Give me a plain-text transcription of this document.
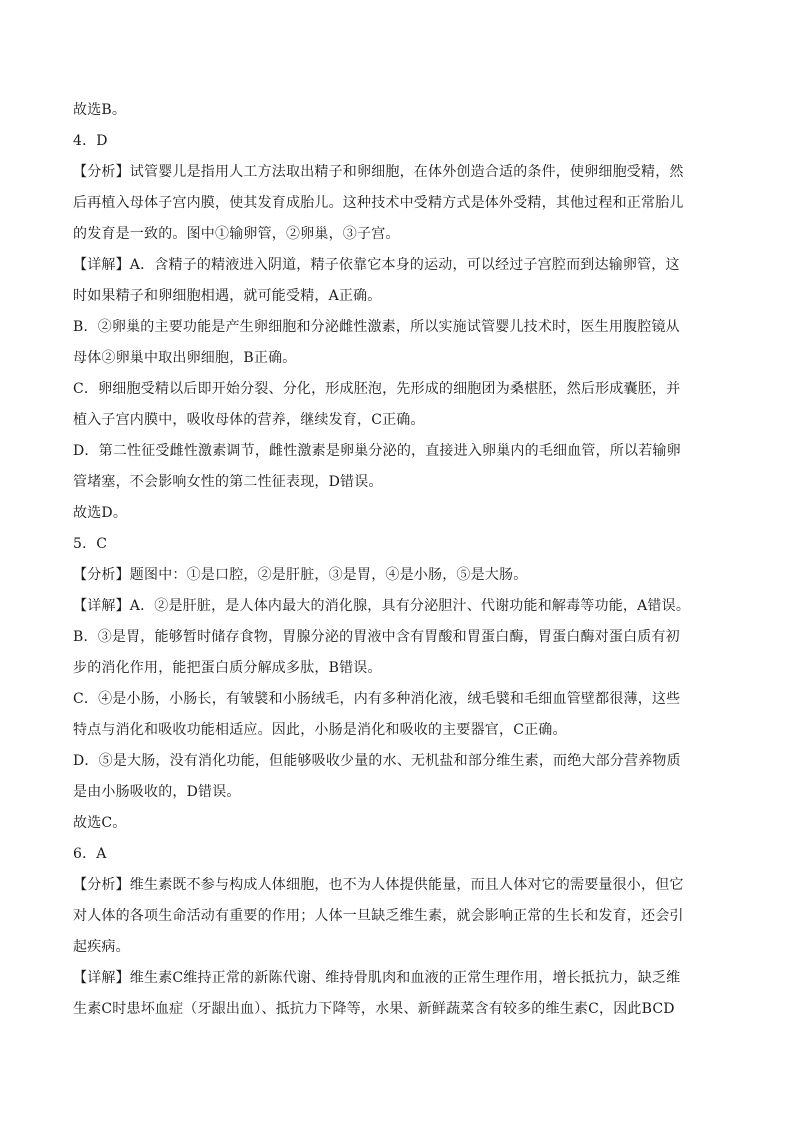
故选B。
4．D
【分析】试管婴儿是指用人工方法取出精子和卵细胞，在体外创造合适的条件，使卵细胞受精，然
后再植入母体子宫内膜，使其发育成胎儿。这种技术中受精方式是体外受精，其他过程和正常胎儿
的发育是一致的。图中①输卵管，②卵巢，③子宫。
【详解】A．含精子的精液进入阴道，精子依靠它本身的运动，可以经过子宫腔而到达输卵管，这
时如果精子和卵细胞相遇，就可能受精，A正确。
B．②卵巢的主要功能是产生卵细胞和分泌雌性激素，所以实施试管婴儿技术时，医生用腹腔镜从
母体②卵巢中取出卵细胞，B正确。
C．卵细胞受精以后即开始分裂、分化，形成胚泡，先形成的细胞团为桑椹胚，然后形成囊胚，并
植入子宫内膜中，吸收母体的营养，继续发育，C正确。
D．第二性征受雌性激素调节，雌性激素是卵巢分泌的，直接进入卵巢内的毛细血管，所以若输卵
管堵塞，不会影响女性的第二性征表现，D错误。
故选D。
5．C
【分析】题图中：①是口腔，②是肝脏，③是胃，④是小肠，⑤是大肠。
【详解】A．②是肝脏，是人体内最大的消化腺，具有分泌胆汁、代谢功能和解毒等功能，A错误。
B．③是胃，能够暂时储存食物，胃腺分泌的胃液中含有胃酸和胃蛋白酶，胃蛋白酶对蛋白质有初
步的消化作用，能把蛋白质分解成多肽，B错误。
C．④是小肠，小肠长，有皱襞和小肠绒毛，内有多种消化液，绒毛襞和毛细血管壁都很薄，这些
特点与消化和吸收功能相适应。因此，小肠是消化和吸收的主要器官，C正确。
D．⑤是大肠，没有消化功能，但能够吸收少量的水、无机盐和部分维生素，而绝大部分营养物质
是由小肠吸收的，D错误。
故选C。
6．A
【分析】维生素既不参与构成人体细胞，也不为人体提供能量，而且人体对它的需要量很小，但它
对人体的各项生命活动有重要的作用；人体一旦缺乏维生素，就会影响正常的生长和发育，还会引
起疾病。
【详解】维生素C维持正常的新陈代谢、维持骨肌肉和血液的正常生理作用，增长抵抗力，缺乏维
生素C时患坏血症（牙龈出血）、抵抗力下降等，水果、新鲜蔬菜含有较多的维生素C，因此BCD
